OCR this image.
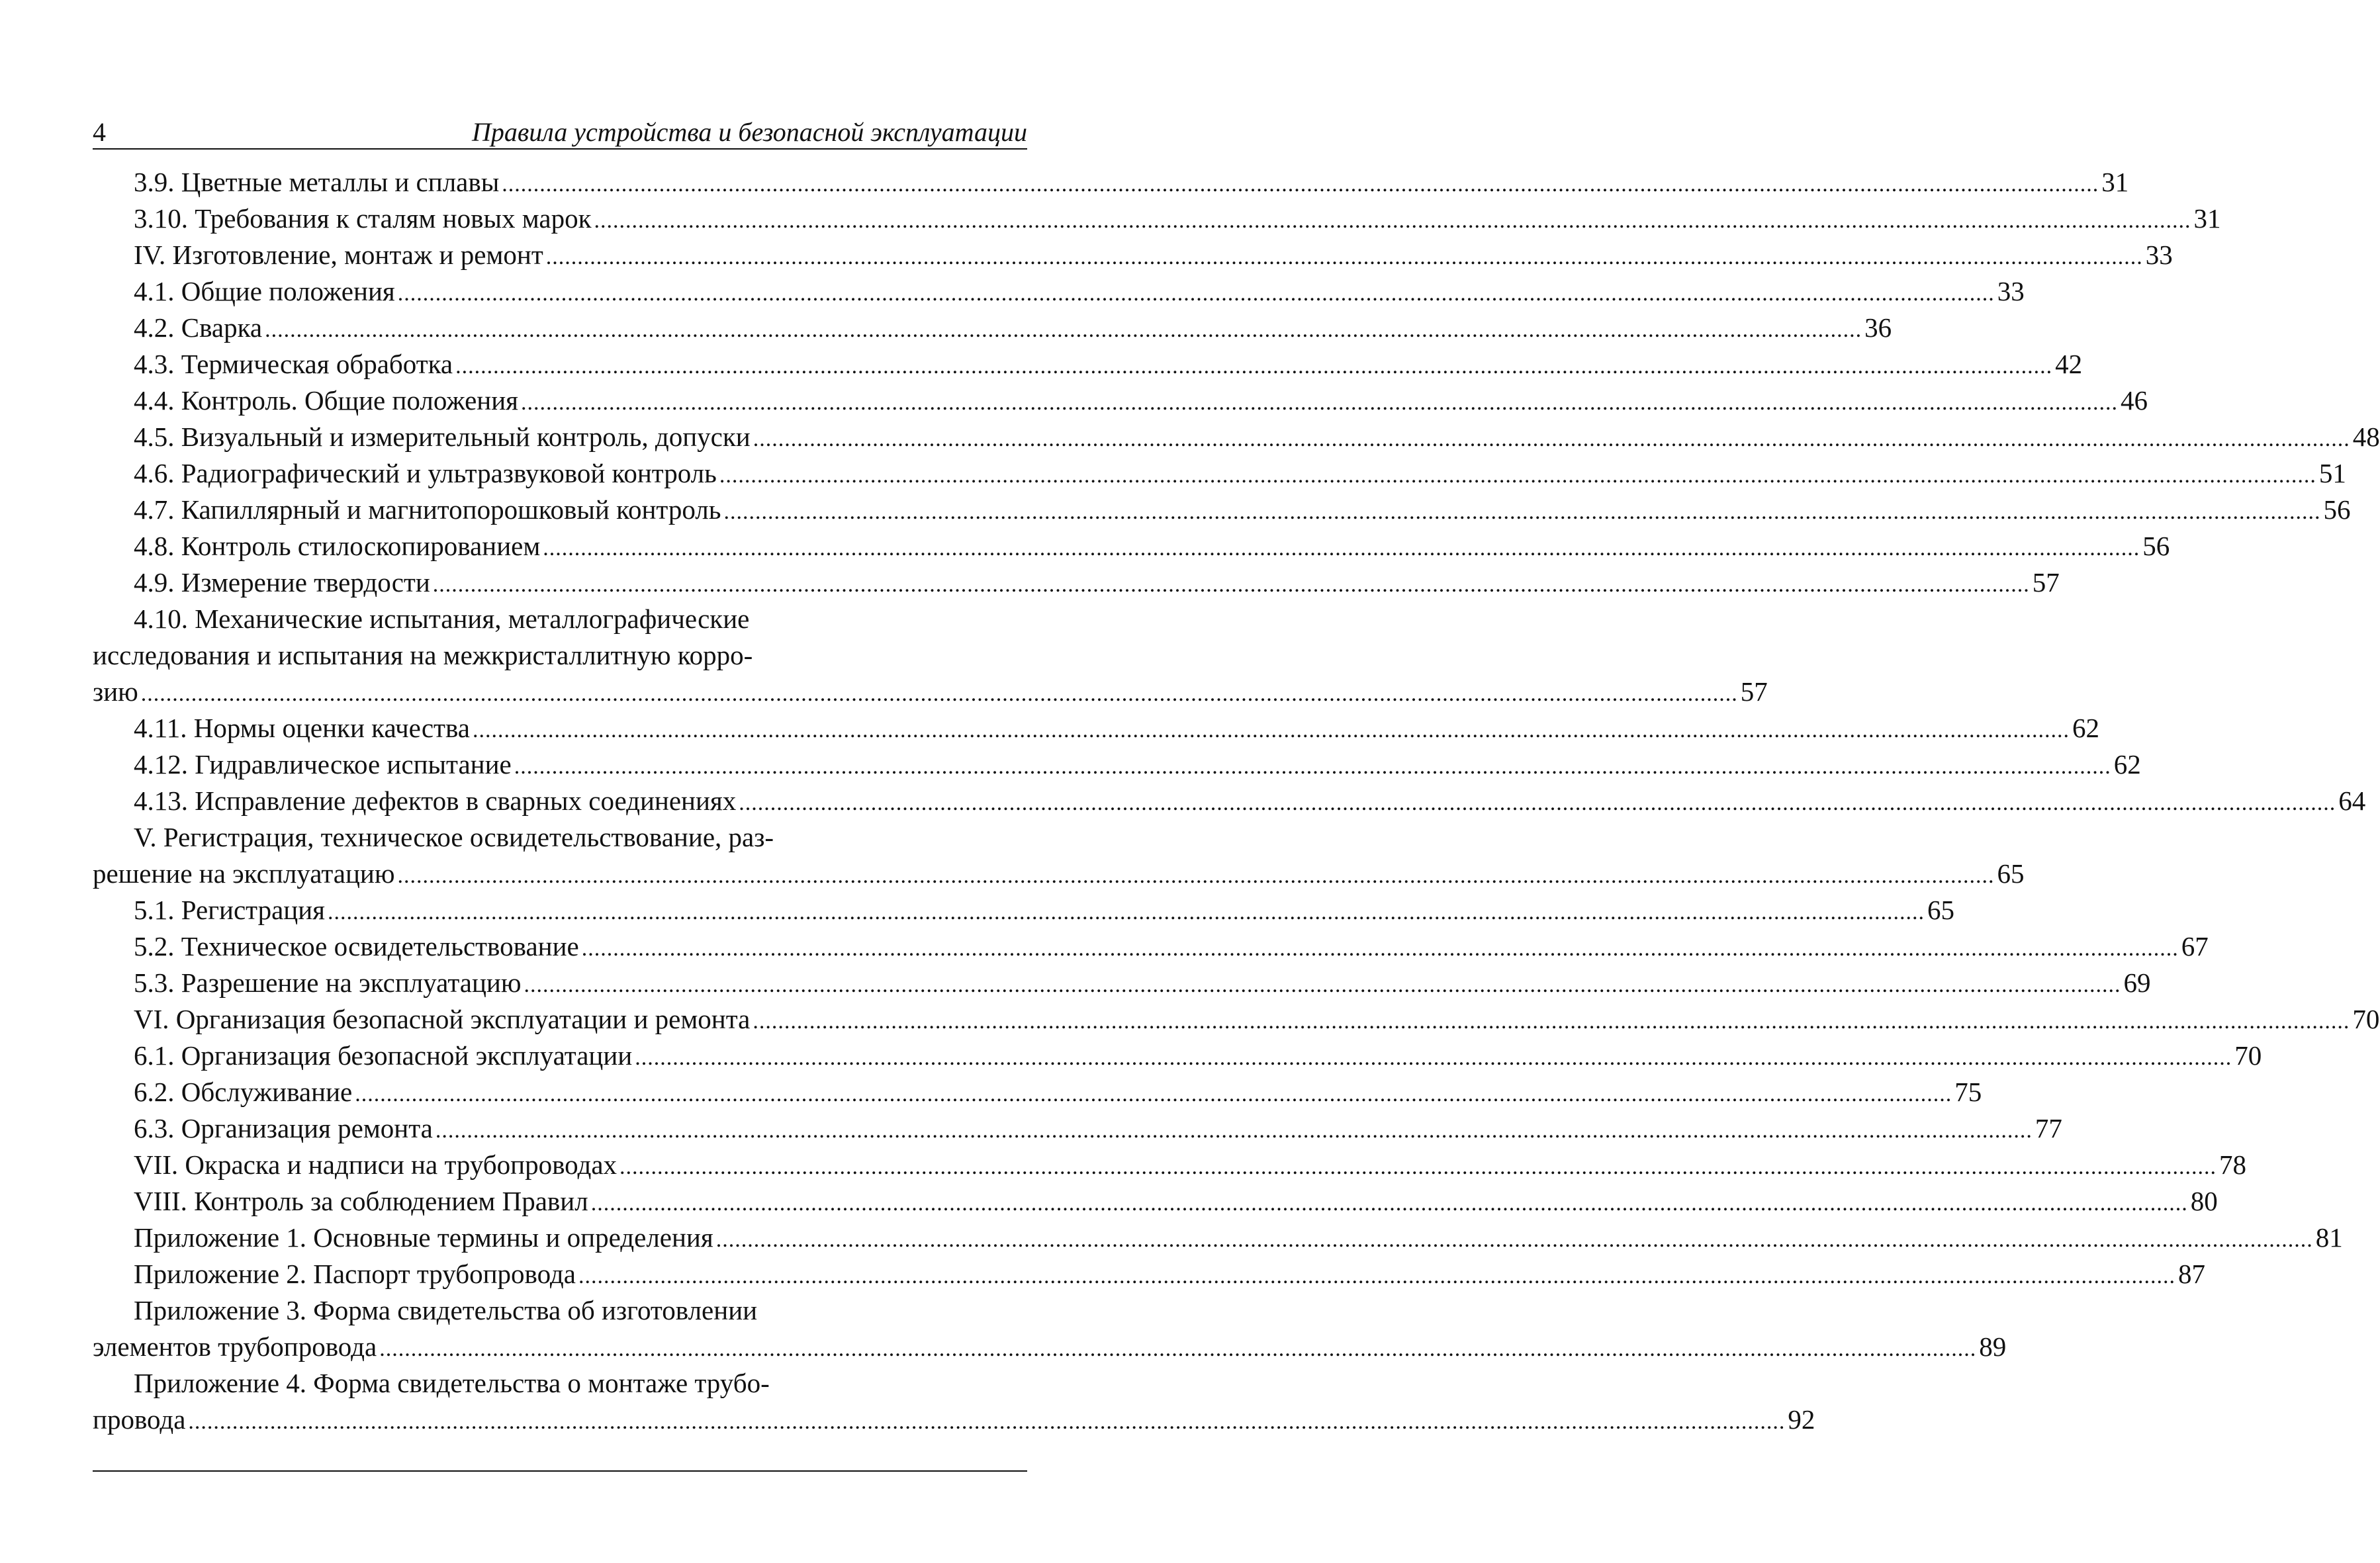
4	Правила устройства и безопасной эксплуатации
3.9. Цветные металлы и сплавы .....	31
3.10. Требования к сталям новых марок .....	31
IV. Изготовление, монтаж и ремонт .....	33
4.1. Общие положения .....	33
4.2. Сварка .....	36
4.3. Термическая обработка .....	42
4.4. Контроль. Общие положения .....	46
4.5. Визуальный и измерительный контроль, допуски .....	48
4.6. Радиографический и ультразвуковой контроль .....	51
4.7. Капиллярный и магнитопорошковый контроль .....	56
4.8. Контроль стилоскопированием .....	56
4.9. Измерение твердости .....	57
4.10. Механические испытания, металлографические
исследования и испытания на межкристаллитную корро-
зию .....	57
4.11. Нормы оценки качества .....	62
4.12. Гидравлическое испытание .....	62
4.13. Исправление дефектов в сварных соединениях .....	64
V. Регистрация, техническое освидетельствование, раз-
решение на эксплуатацию .....	65
5.1. Регистрация .....	65
5.2. Техническое освидетельствование .....	67
5.3. Разрешение на эксплуатацию .....	69
VI. Организация безопасной эксплуатации и ремонта .....	70
6.1. Организация безопасной эксплуатации .....	70
6.2. Обслуживание .....	75
6.3. Организация ремонта .....	77
VII. Окраска и надписи на трубопроводах .....	78
VIII. Контроль за соблюдением Правил .....	80
Приложение 1. Основные термины и определения .....	81
Приложение 2. Паспорт трубопровода .....	87
Приложение 3. Форма свидетельства об изготовлении
элементов трубопровода .....	89
Приложение 4. Форма свидетельства о монтаже трубо-
провода .....	92
